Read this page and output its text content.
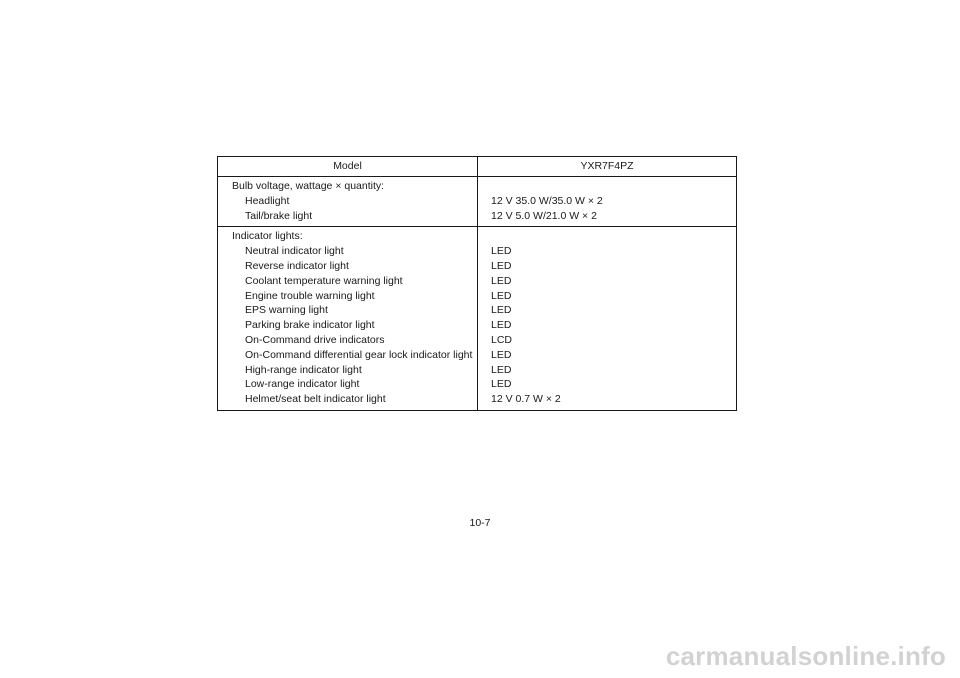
Model	YXR7F4PZ
Bulb voltage, wattage × quantity:
Headlight	12 V 35.0 W/35.0 W × 2
Tail/brake light	12 V 5.0 W/21.0 W × 2
Indicator lights:
Neutral indicator light	LED
Reverse indicator light	LED
Coolant temperature warning light	LED
Engine trouble warning light	LED
EPS warning light	LED
Parking brake indicator light	LED
On-Command drive indicators	LCD
On-Command differential gear lock indicator light	LED
High-range indicator light	LED
Low-range indicator light	LED
Helmet/seat belt indicator light	12 V 0.7 W × 2
10-7
carmanualsonline.info
